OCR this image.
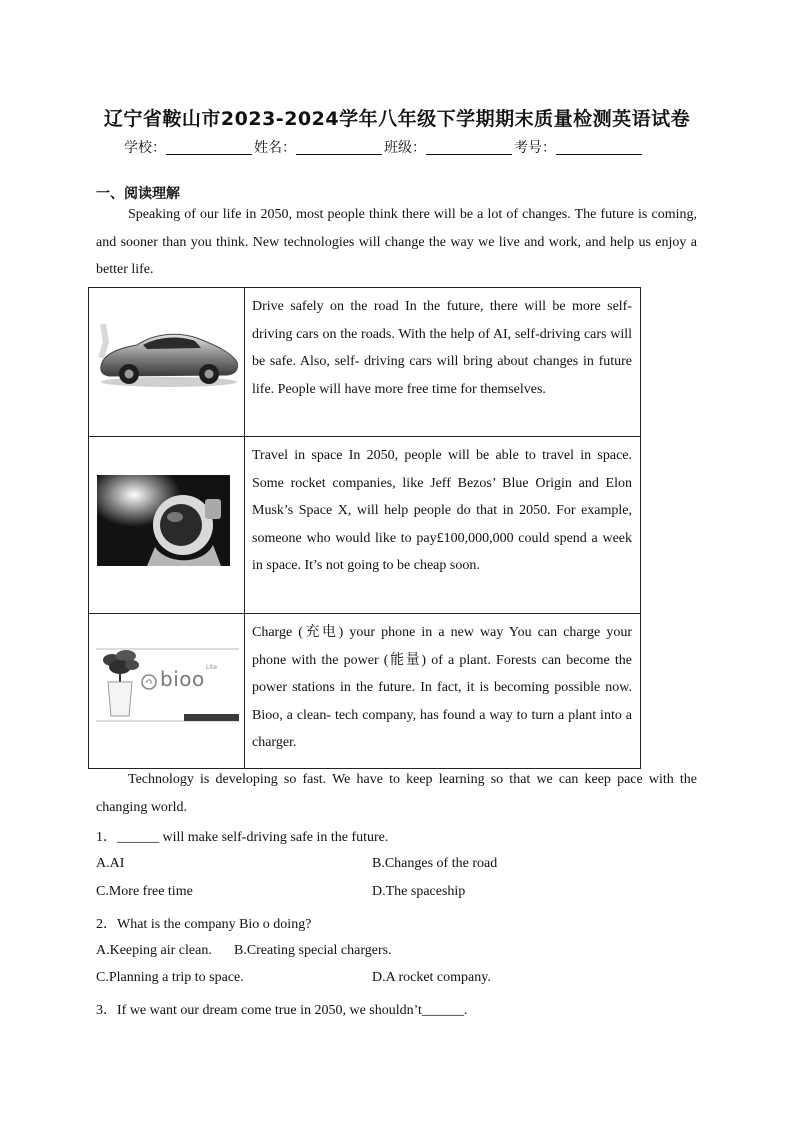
辽宁省鞍山市2023-2024学年八年级下学期期末质量检测英语试卷
学校：	姓名：	班级：	考号：
一、阅读理解
Speaking of our life in 2050, most people think there will be a lot of changes. The future is coming, and sooner than you think. New technologies will change the way we live and work, and help us enjoy a better life.
	Drive safely on the road In the future, there will be more self- driving cars on the roads. With the help of AI, self-driving cars will be safe. Also, self- driving cars will bring about changes in future life. People will have more free time for themselves.

	Travel in space In 2050, people will be able to travel in space. Some rocket companies, like Jeff Bezos’ Blue Origin and Elon Musk’s Space X, will help people do that in 2050. For example, someone who would like to pay£100,000,000 could spend a week in space. It’s not going to be cheap soon.

bioo Lite	Charge (充电) your phone in a new way You can charge your phone with the power (能量) of a plant. Forests can become the power stations in the future. In fact, it is becoming possible now. Bioo, a clean- tech company, has found a way to turn a plant into a charger.
Technology is developing so fast. We have to keep learning so that we can keep pace with the changing world.
1．______ will make self-driving safe in the future.
A.AI	B.Changes of the road
C.More free time	D.The spaceship
2．What is the company Bio o doing?
A.Keeping air clean. B.Creating special chargers.
C.Planning a trip to space.	D.A rocket company.
3．If we want our dream come true in 2050, we shouldn’t______.
